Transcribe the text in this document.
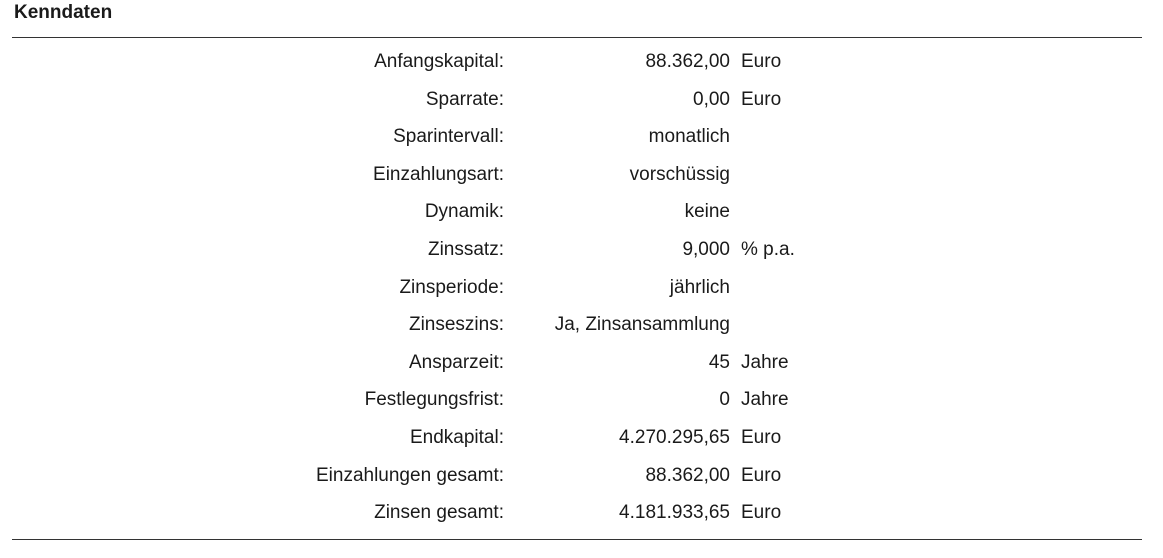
Kenndaten
Anfangskapital:	88.362,00 Euro
Sparrate:	0,00 Euro
Sparintervall:	monatlich
Einzahlungsart:	vorschüssig
Dynamik:	keine
Zinssatz:	9,000 % p.a.
Zinsperiode:	jährlich
Zinseszins:	Ja, Zinsansammlung
Ansparzeit:	45 Jahre
Festlegungsfrist:	0 Jahre
Endkapital:	4.270.295,65 Euro
Einzahlungen gesamt:	88.362,00 Euro
Zinsen gesamt:	4.181.933,65 Euro
